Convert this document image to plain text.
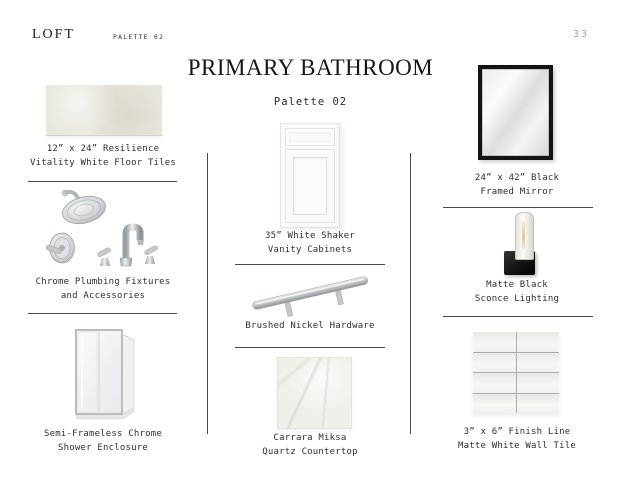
LOFT	PALETTE 02	33
PRIMARY BATHROOM
Palette 02
12” x 24” Resilience
Vitality White Floor Tiles
Chrome Plumbing Fixtures
and Accessories
Semi-Frameless Chrome
Shower Enclosure
35” White Shaker
Vanity Cabinets
Brushed Nickel Hardware
Carrara Miksa
Quartz Countertop
24” x 42” Black
Framed Mirror
Matte Black
Sconce Lighting
3” x 6” Finish Line
Matte White Wall Tile
